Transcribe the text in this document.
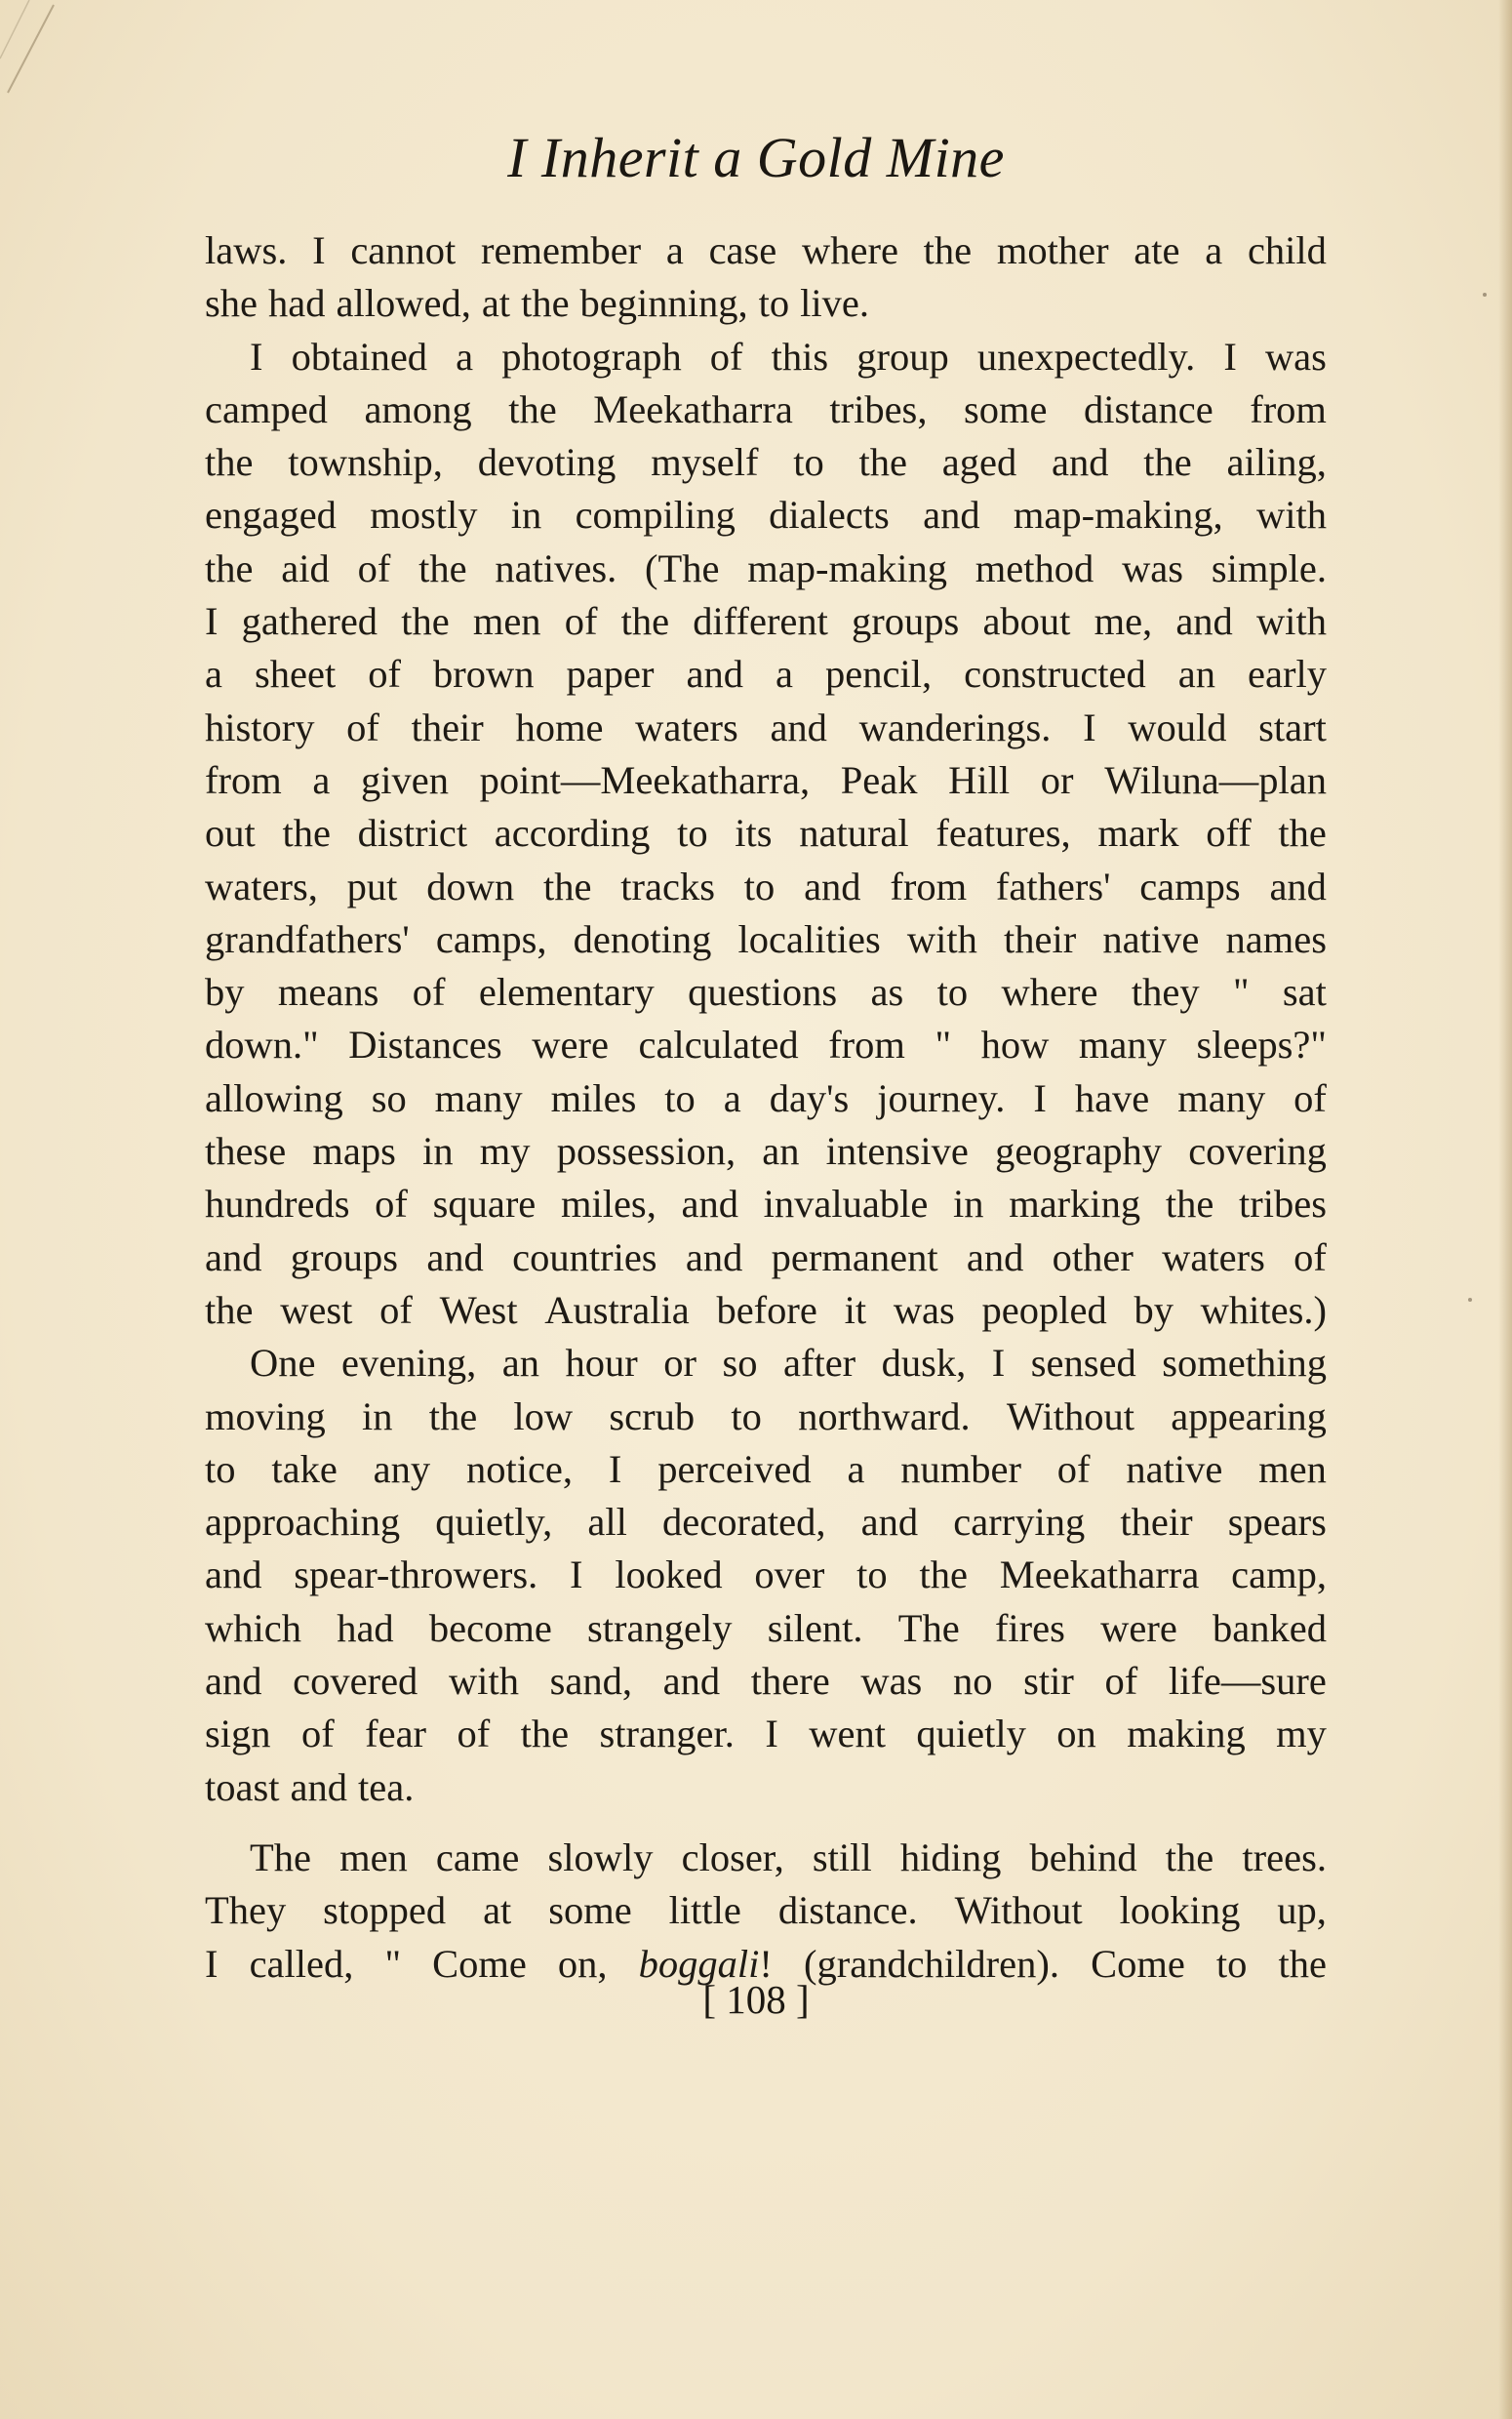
I Inherit a Gold Mine
laws. I cannot remember a case where the mother ate a child
she had allowed, at the beginning, to live.
I obtained a photograph of this group unexpectedly. I was
camped among the Meekatharra tribes, some distance from
the township, devoting myself to the aged and the ailing,
engaged mostly in compiling dialects and map-making, with
the aid of the natives. (The map-making method was simple.
I gathered the men of the different groups about me, and with
a sheet of brown paper and a pencil, constructed an early
history of their home waters and wanderings. I would start
from a given point—Meekatharra, Peak Hill or Wiluna—plan
out the district according to its natural features, mark off the
waters, put down the tracks to and from fathers' camps and
grandfathers' camps, denoting localities with their native names
by means of elementary questions as to where they " sat
down." Distances were calculated from " how many sleeps?"
allowing so many miles to a day's journey. I have many of
these maps in my possession, an intensive geography covering
hundreds of square miles, and invaluable in marking the tribes
and groups and countries and permanent and other waters of
the west of West Australia before it was peopled by whites.)
One evening, an hour or so after dusk, I sensed something
moving in the low scrub to northward. Without appearing
to take any notice, I perceived a number of native men
approaching quietly, all decorated, and carrying their spears
and spear-throwers. I looked over to the Meekatharra camp,
which had become strangely silent. The fires were banked
and covered with sand, and there was no stir of life—sure
sign of fear of the stranger. I went quietly on making my
toast and tea.
The men came slowly closer, still hiding behind the trees.
They stopped at some little distance. Without looking up,
I called, " Come on, boggali! (grandchildren). Come to the
[ 108 ]
